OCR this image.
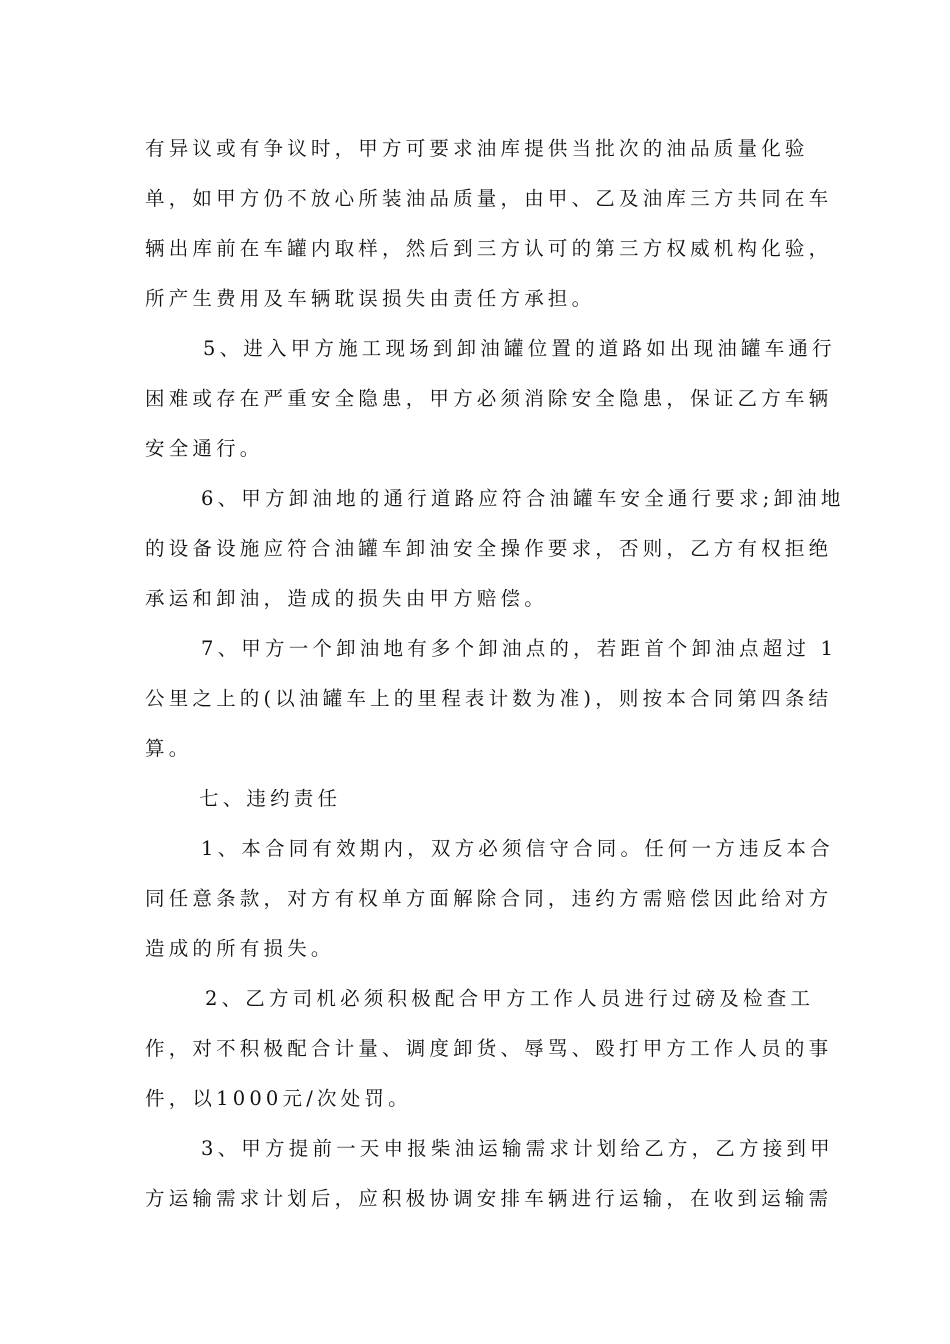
有异议或有争议时，甲方可要求油库提供当批次的油品质量化验
单，如甲方仍不放心所装油品质量，由甲、乙及油库三方共同在车
辆出库前在车罐内取样，然后到三方认可的第三方权威机构化验，
所产生费用及车辆耽误损失由责任方承担。
5、进入甲方施工现场到卸油罐位置的道路如出现油罐车通行
困难或存在严重安全隐患，甲方必须消除安全隐患，保证乙方车辆
安全通行。
6、甲方卸油地的通行道路应符合油罐车安全通行要求;卸油地
的设备设施应符合油罐车卸油安全操作要求，否则，乙方有权拒绝
承运和卸油，造成的损失由甲方赔偿。
7、甲方一个卸油地有多个卸油点的，若距首个卸油点超过 1
公里之上的(以油罐车上的里程表计数为准)，则按本合同第四条结
算。
七、违约责任
1、本合同有效期内，双方必须信守合同。任何一方违反本合
同任意条款，对方有权单方面解除合同，违约方需赔偿因此给对方
造成的所有损失。
2、乙方司机必须积极配合甲方工作人员进行过磅及检查工
作，对不积极配合计量、调度卸货、辱骂、殴打甲方工作人员的事
件，以1000元/次处罚。
3、甲方提前一天申报柴油运输需求计划给乙方，乙方接到甲
方运输需求计划后，应积极协调安排车辆进行运输，在收到运输需
